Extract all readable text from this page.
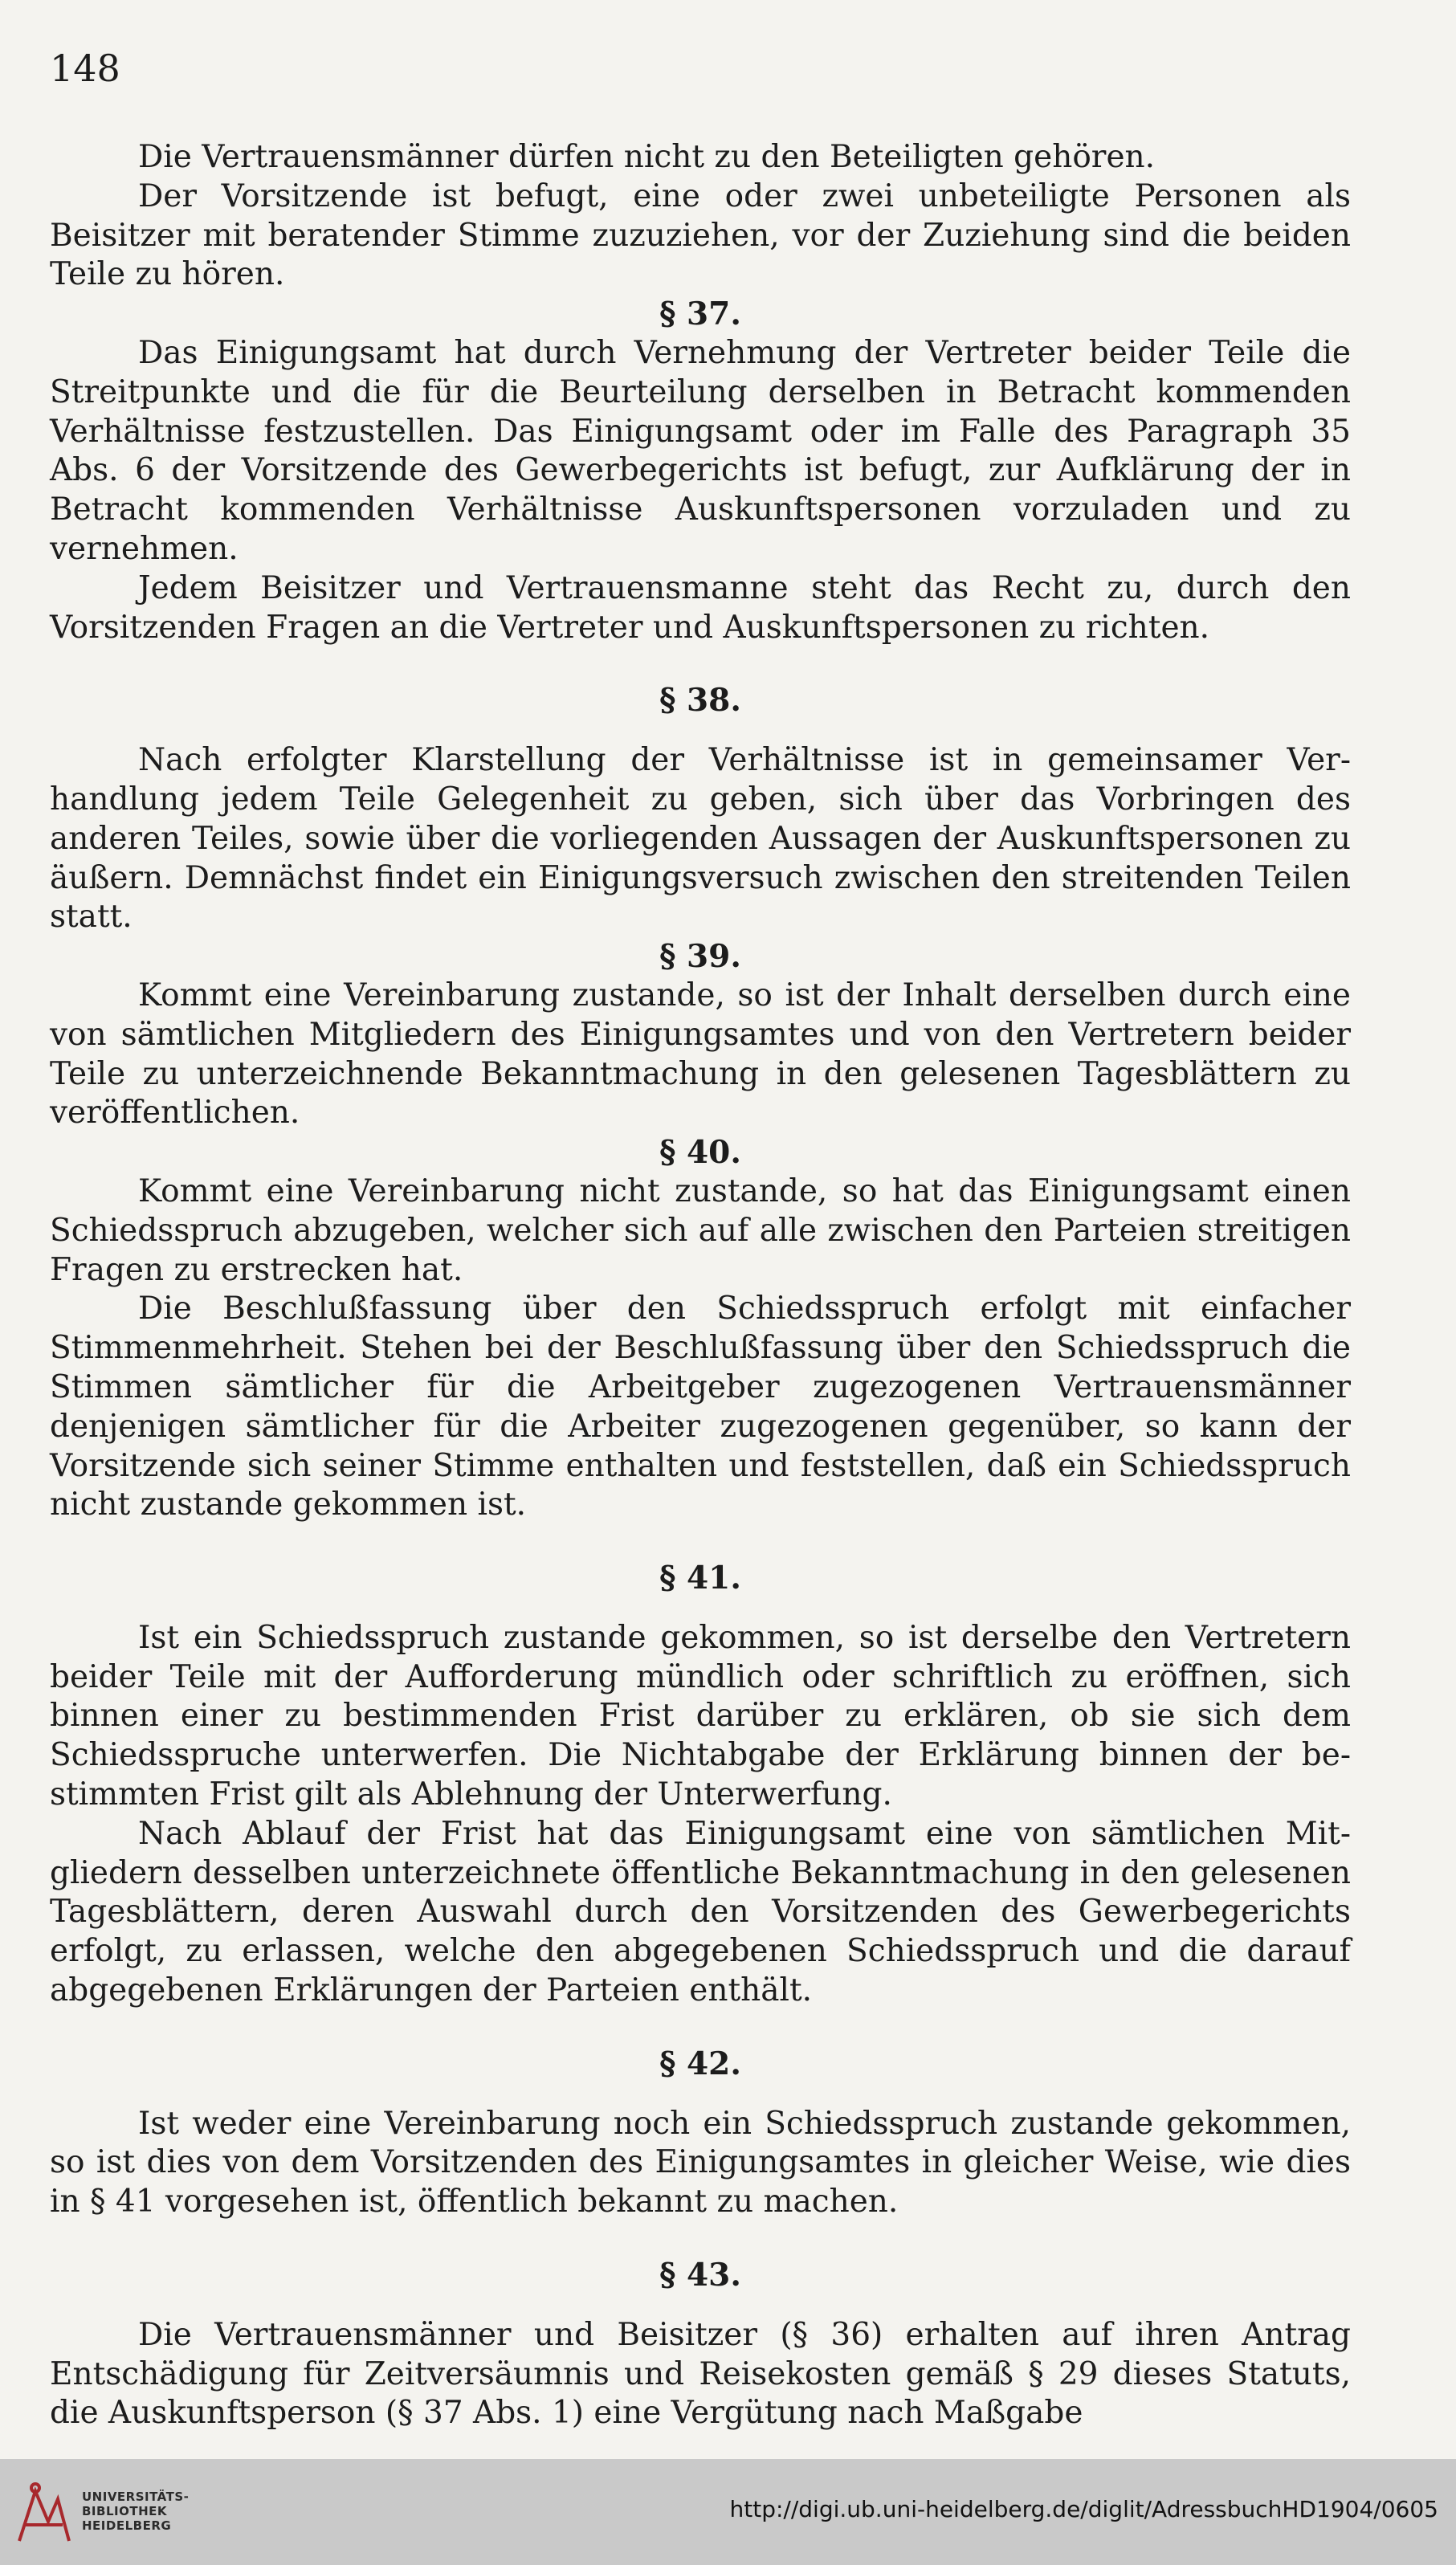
148

Die Vertrauensmänner dürfen nicht zu den Beteiligten gehören.

Der Vorsitzende ist befugt, eine oder zwei unbeteiligte Personen als Beisitzer mit beratender Stimme zuzuziehen, vor der Zuziehung sind die beiden Teile zu hören.

§ 37.

Das Einigungsamt hat durch Vernehmung der Vertreter beider Teile die Streitpunkte und die für die Beurteilung derselben in Betracht kommenden Verhältnisse festzustellen. Das Einigungsamt oder im Falle des Paragraph 35 Abs. 6 der Vorsitzende des Gewerbegerichts ist befugt, zur Aufklärung der in Betracht kommenden Verhältnisse Auskunftspersonen vorzuladen und zu vernehmen.

Jedem Beisitzer und Vertrauensmanne steht das Recht zu, durch den Vorsitzenden Fragen an die Vertreter und Auskunftspersonen zu richten.

§ 38.

Nach erfolgter Klarstellung der Verhältnisse ist in gemeinsamer Verhandlung jedem Teile Gelegenheit zu geben, sich über das Vorbringen des anderen Teiles, sowie über die vorliegenden Aussagen der Auskunftspersonen zu äußern. Demnächst findet ein Einigungsversuch zwischen den streitenden Teilen statt.

§ 39.

Kommt eine Vereinbarung zustande, so ist der Inhalt derselben durch eine von sämtlichen Mitgliedern des Einigungsamtes und von den Vertretern beider Teile zu unterzeichnende Bekanntmachung in den gelesenen Tagesblättern zu veröffentlichen.

§ 40.

Kommt eine Vereinbarung nicht zustande, so hat das Einigungsamt einen Schiedsspruch abzugeben, welcher sich auf alle zwischen den Parteien streitigen Fragen zu erstrecken hat.

Die Beschlußfassung über den Schiedsspruch erfolgt mit einfacher Stimmenmehrheit. Stehen bei der Beschlußfassung über den Schiedsspruch die Stimmen sämtlicher für die Arbeitgeber zugezogenen Vertrauensmänner denjenigen sämtlicher für die Arbeiter zugezogenen gegenüber, so kann der Vorsitzende sich seiner Stimme enthalten und feststellen, daß ein Schiedsspruch nicht zustande gekommen ist.

§ 41.

Ist ein Schiedsspruch zustande gekommen, so ist derselbe den Vertretern beider Teile mit der Aufforderung mündlich oder schriftlich zu eröffnen, sich binnen einer zu bestimmenden Frist darüber zu erklären, ob sie sich dem Schiedsspruche unterwerfen. Die Nichtabgabe der Erklärung binnen der bestimmten Frist gilt als Ablehnung der Unterwerfung.

Nach Ablauf der Frist hat das Einigungsamt eine von sämtlichen Mitgliedern desselben unterzeichnete öffentliche Bekanntmachung in den gelesenen Tagesblättern, deren Auswahl durch den Vorsitzenden des Gewerbegerichts erfolgt, zu erlassen, welche den abgegebenen Schiedsspruch und die darauf abgegebenen Erklärungen der Parteien enthält.

§ 42.

Ist weder eine Vereinbarung noch ein Schiedsspruch zustande gekommen, so ist dies von dem Vorsitzenden des Einigungsamtes in gleicher Weise, wie dies in § 41 vorgesehen ist, öffentlich bekannt zu machen.

§ 43.

Die Vertrauensmänner und Beisitzer (§ 36) erhalten auf ihren Antrag Entschädigung für Zeitversäumnis und Reisekosten gemäß § 29 dieses Statuts, die Auskunftsperson (§ 37 Abs. 1) eine Vergütung nach Maßgabe

UNIVERSITÄTS-
BIBLIOTHEK
HEIDELBERG
http://digi.ub.uni-heidelberg.de/diglit/AdressbuchHD1904/0605
